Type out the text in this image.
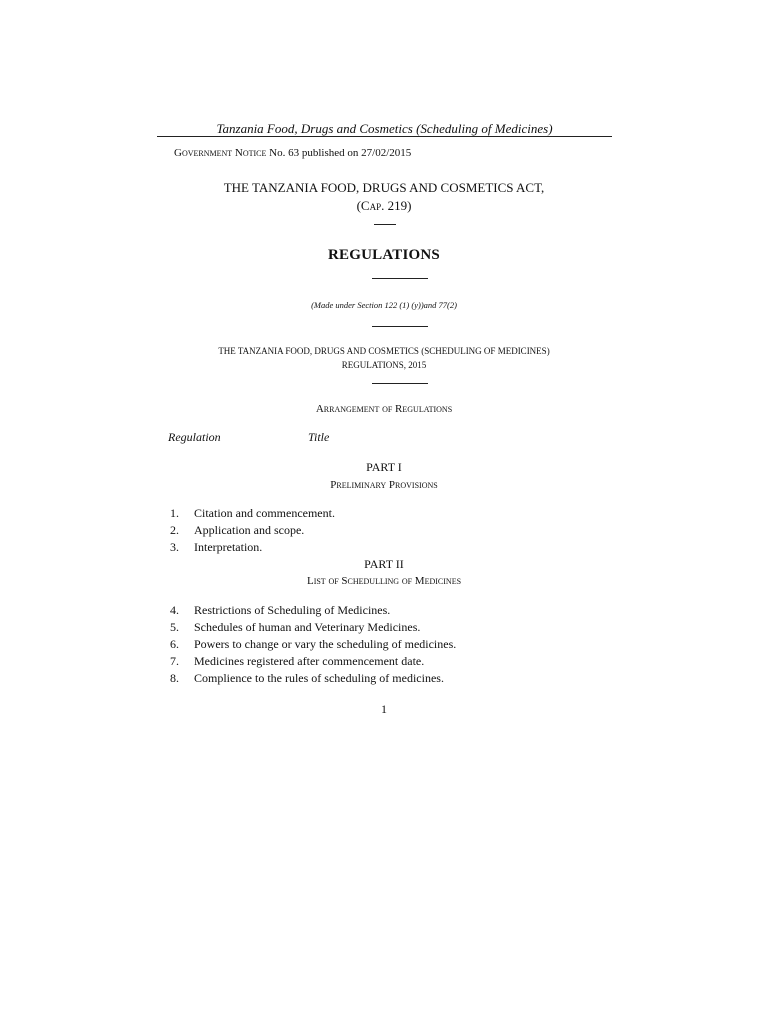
Tanzania Food, Drugs and Cosmetics (Scheduling of Medicines)

Government Notice No. 63 published on 27/02/2015

THE TANZANIA FOOD, DRUGS AND COSMETICS ACT,

(Cap. 219)

REGULATIONS

(Made under Section 122 (1) (y))and 77(2)

THE TANZANIA FOOD, DRUGS AND COSMETICS (SCHEDULING OF MEDICINES)
REGULATIONS, 2015

Arrangement of Regulations

Regulation	Title

PART I

Preliminary Provisions

1.	Citation and commencement.
2.	Application and scope.
3.	Interpretation.

PART II

List of Schedulling of Medicines

4.	Restrictions of Scheduling of Medicines.
5.	Schedules of human and Veterinary Medicines.
6.	Powers to change or vary the scheduling of medicines.
7.	Medicines registered after commencement date.
8.	Complience to the rules of scheduling of medicines.

1
